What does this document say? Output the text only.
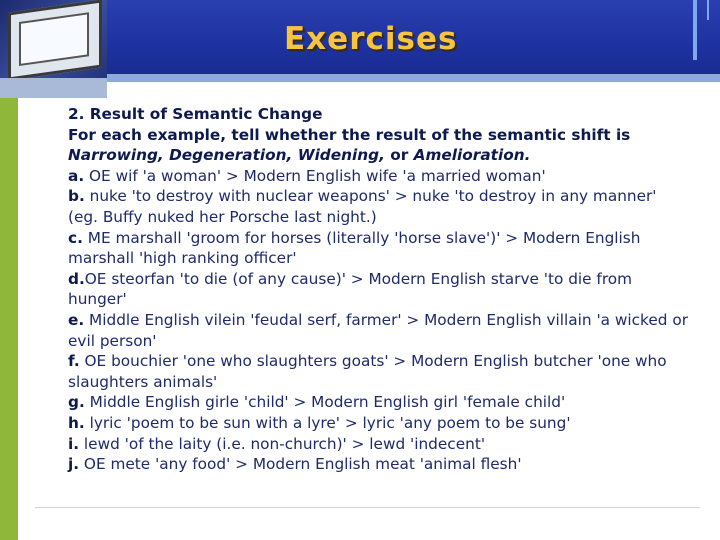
Exercises

2. Result of Semantic Change

For each example, tell whether the result of the semantic shift is Narrowing, Degeneration, Widening, or Amelioration.

a. OE wif 'a woman' > Modern English wife 'a married woman'

b. nuke 'to destroy with nuclear weapons' > nuke 'to destroy in any manner'

(eg. Buffy nuked her Porsche last night.)

c. ME marshall 'groom for horses (literally 'horse slave')' > Modern English marshall 'high ranking officer'

d.OE steorfan 'to die (of any cause)' > Modern English starve 'to die from hunger'

e. Middle English vilein 'feudal serf, farmer' > Modern English villain 'a wicked or evil person'

f. OE bouchier 'one who slaughters goats' > Modern English butcher 'one who slaughters animals'

g. Middle English girle 'child' > Modern English girl 'female child'

h. lyric 'poem to be sun with a lyre' > lyric 'any poem to be sung'

i. lewd 'of the laity (i.e. non-church)' > lewd 'indecent'

j. OE mete 'any food' > Modern English meat 'animal flesh'
